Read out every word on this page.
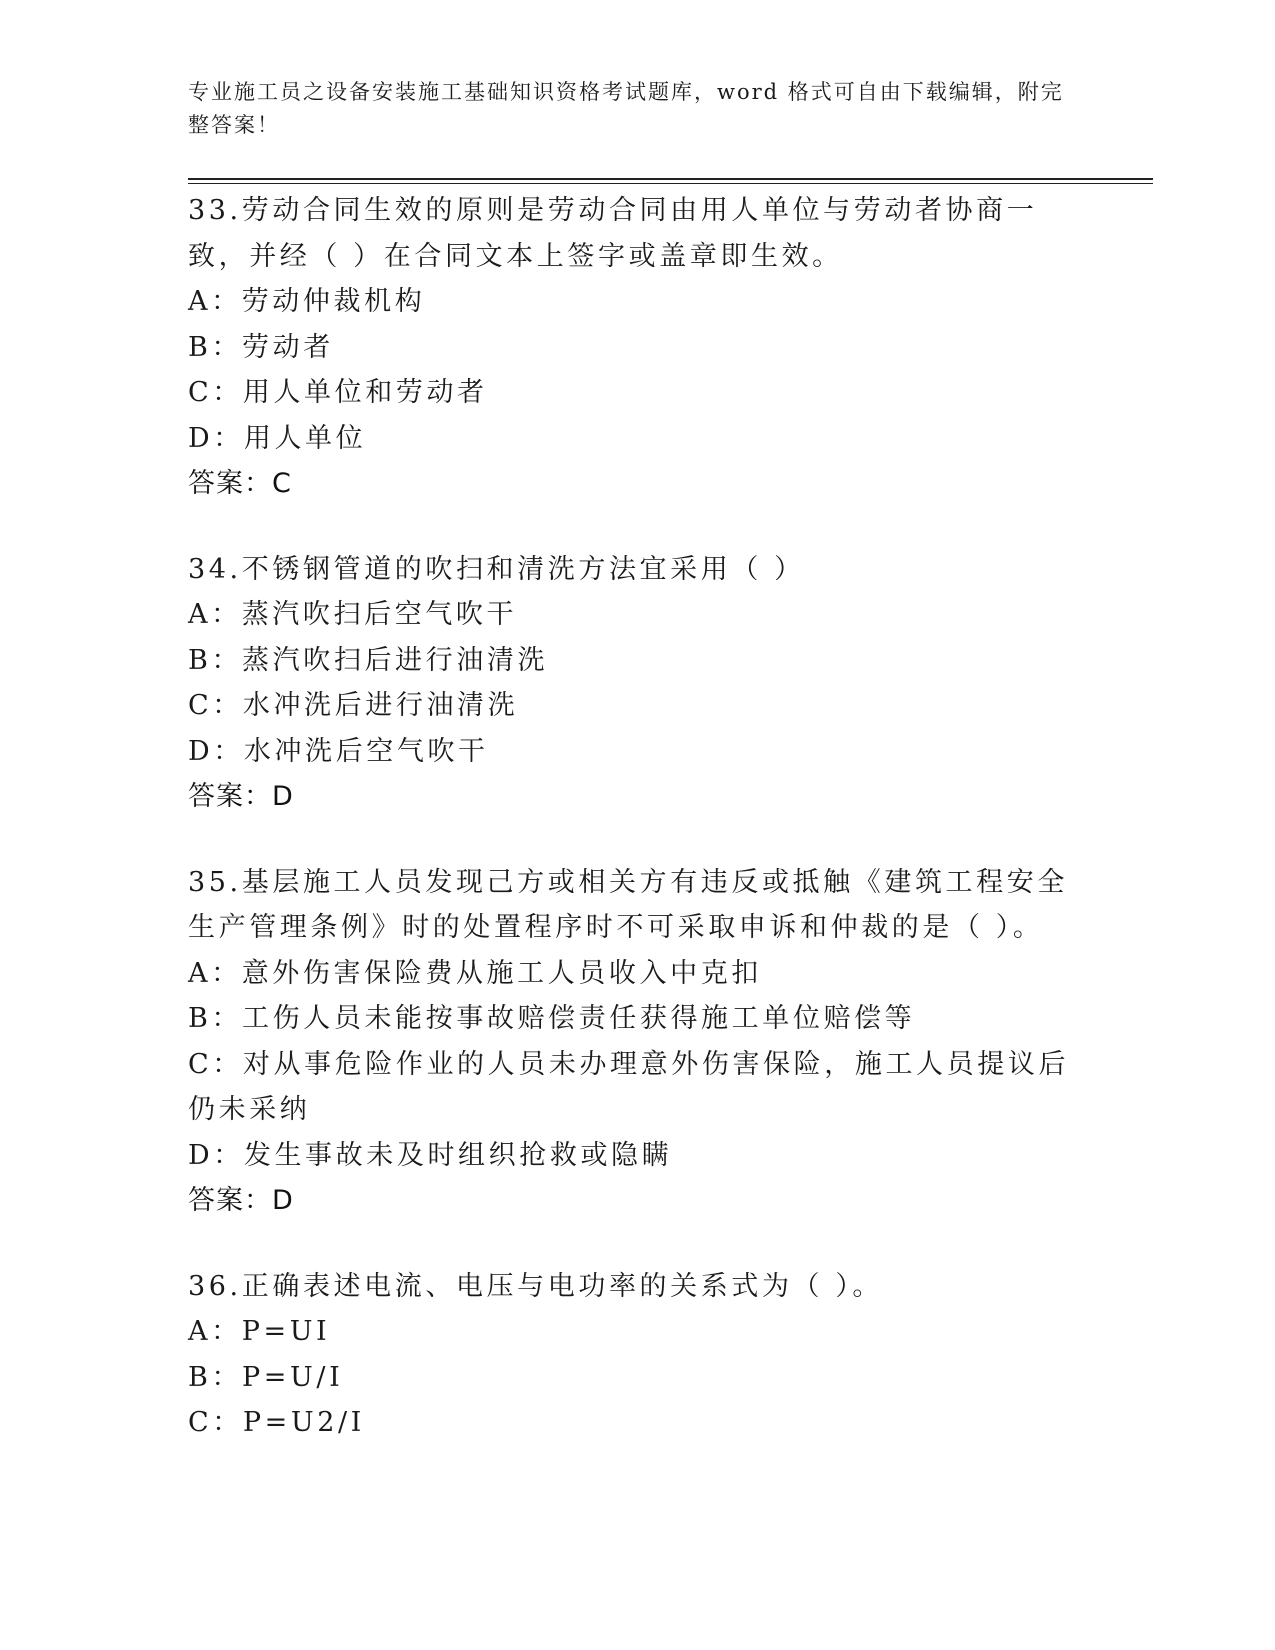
专业施工员之设备安装施工基础知识资格考试题库，word 格式可自由下载编辑，附完整答案！
33.劳动合同生效的原则是劳动合同由用人单位与劳动者协商一致，并经（ ）在合同文本上签字或盖章即生效。
A：劳动仲裁机构
B：劳动者
C：用人单位和劳动者
D：用人单位
答案：C
34.不锈钢管道的吹扫和清洗方法宜采用（ ）
A：蒸汽吹扫后空气吹干
B：蒸汽吹扫后进行油清洗
C：水冲洗后进行油清洗
D：水冲洗后空气吹干
答案：D
35.基层施工人员发现己方或相关方有违反或抵触《建筑工程安全生产管理条例》时的处置程序时不可采取申诉和仲裁的是（ ）。
A：意外伤害保险费从施工人员收入中克扣
B：工伤人员未能按事故赔偿责任获得施工单位赔偿等
C：对从事危险作业的人员未办理意外伤害保险，施工人员提议后仍未采纳
D：发生事故未及时组织抢救或隐瞒
答案：D
36.正确表述电流、电压与电功率的关系式为（ ）。
A：P=UI
B：P=U/I
C：P=U2/I
